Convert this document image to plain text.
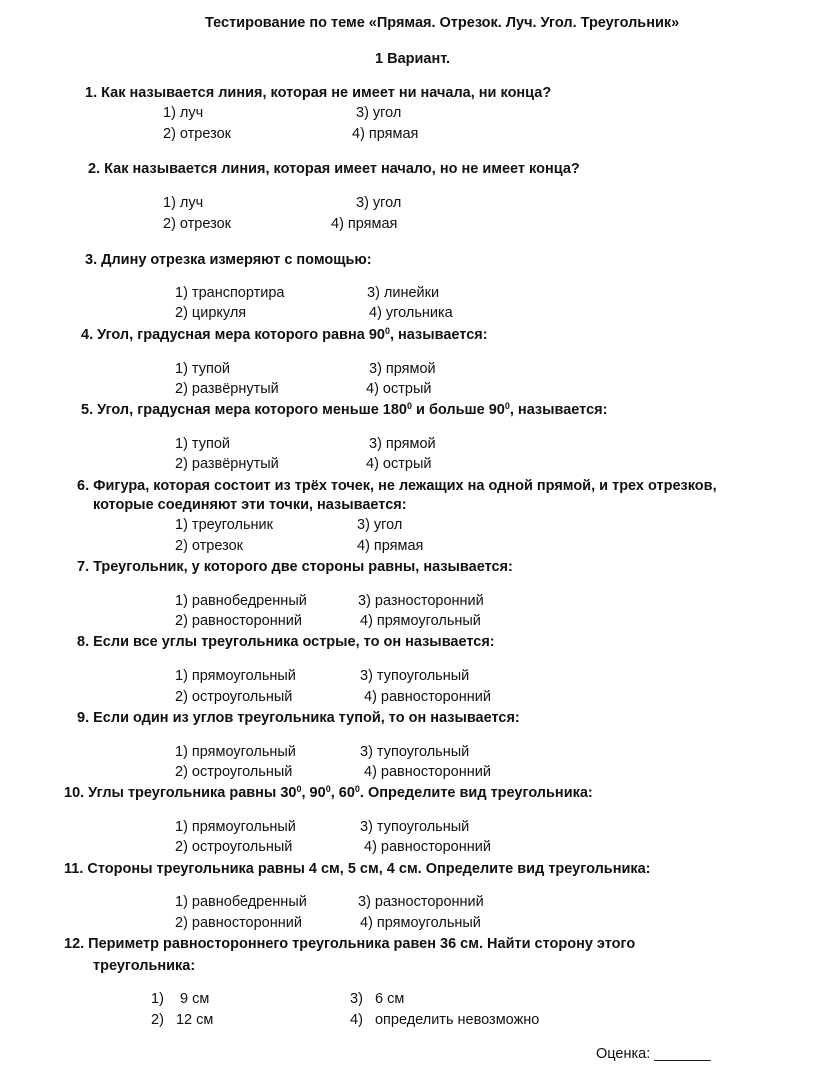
Тестирование по теме «Прямая. Отрезок. Луч. Угол. Треугольник»
1 Вариант.
1. Как называется линия, которая не имеет ни начала, ни конца?
1) луч
2) отрезок
3) угол
4) прямая
2. Как называется линия, которая имеет начало, но не имеет конца?
1) луч
2) отрезок
3) угол
4) прямая
3. Длину отрезка измеряют с помощью:
1) транспортира
2) циркуля
3) линейки
4) угольника
4. Угол, градусная мера которого равна $90^0$, называется:
1) тупой
2) развёрнутый
3) прямой
4) острый
5. Угол, градусная мера которого меньше $180^0$ и больше $90^0$, называется:
1) тупой
2) развёрнутый
3) прямой
4) острый
6. Фигура, которая состоит из трёх точек, не лежащих на одной прямой, и трех отрезков,
которые соединяют эти точки, называется:
1) треугольник
2) отрезок
3) угол
4) прямая
7. Треугольник, у которого две стороны равны, называется:
1) равнобедренный
2) равносторонний
3) разносторонний
4) прямоугольный
8. Если все углы треугольника острые, то он называется:
1) прямоугольный
2) остроугольный
3) тупоугольный
4) равносторонний
9. Если один из углов треугольника тупой, то он называется:
1) прямоугольный
2) остроугольный
3) тупоугольный
4) равносторонний
10. Углы треугольника равны $30^0$, $90^0$, $60^0$. Определите вид треугольника:
1) прямоугольный
2) остроугольный
3) тупоугольный
4) равносторонний
11. Стороны треугольника равны 4 см, 5 см, 4 см. Определите вид треугольника:
1) равнобедренный
2) равносторонний
3) разносторонний
4) прямоугольный
12. Периметр равностороннего треугольника равен 36 см. Найти сторону этого
треугольника:
1)    9 см
2)   12 см
3)   6 см
4)   определить невозможно
Оценка: _______
